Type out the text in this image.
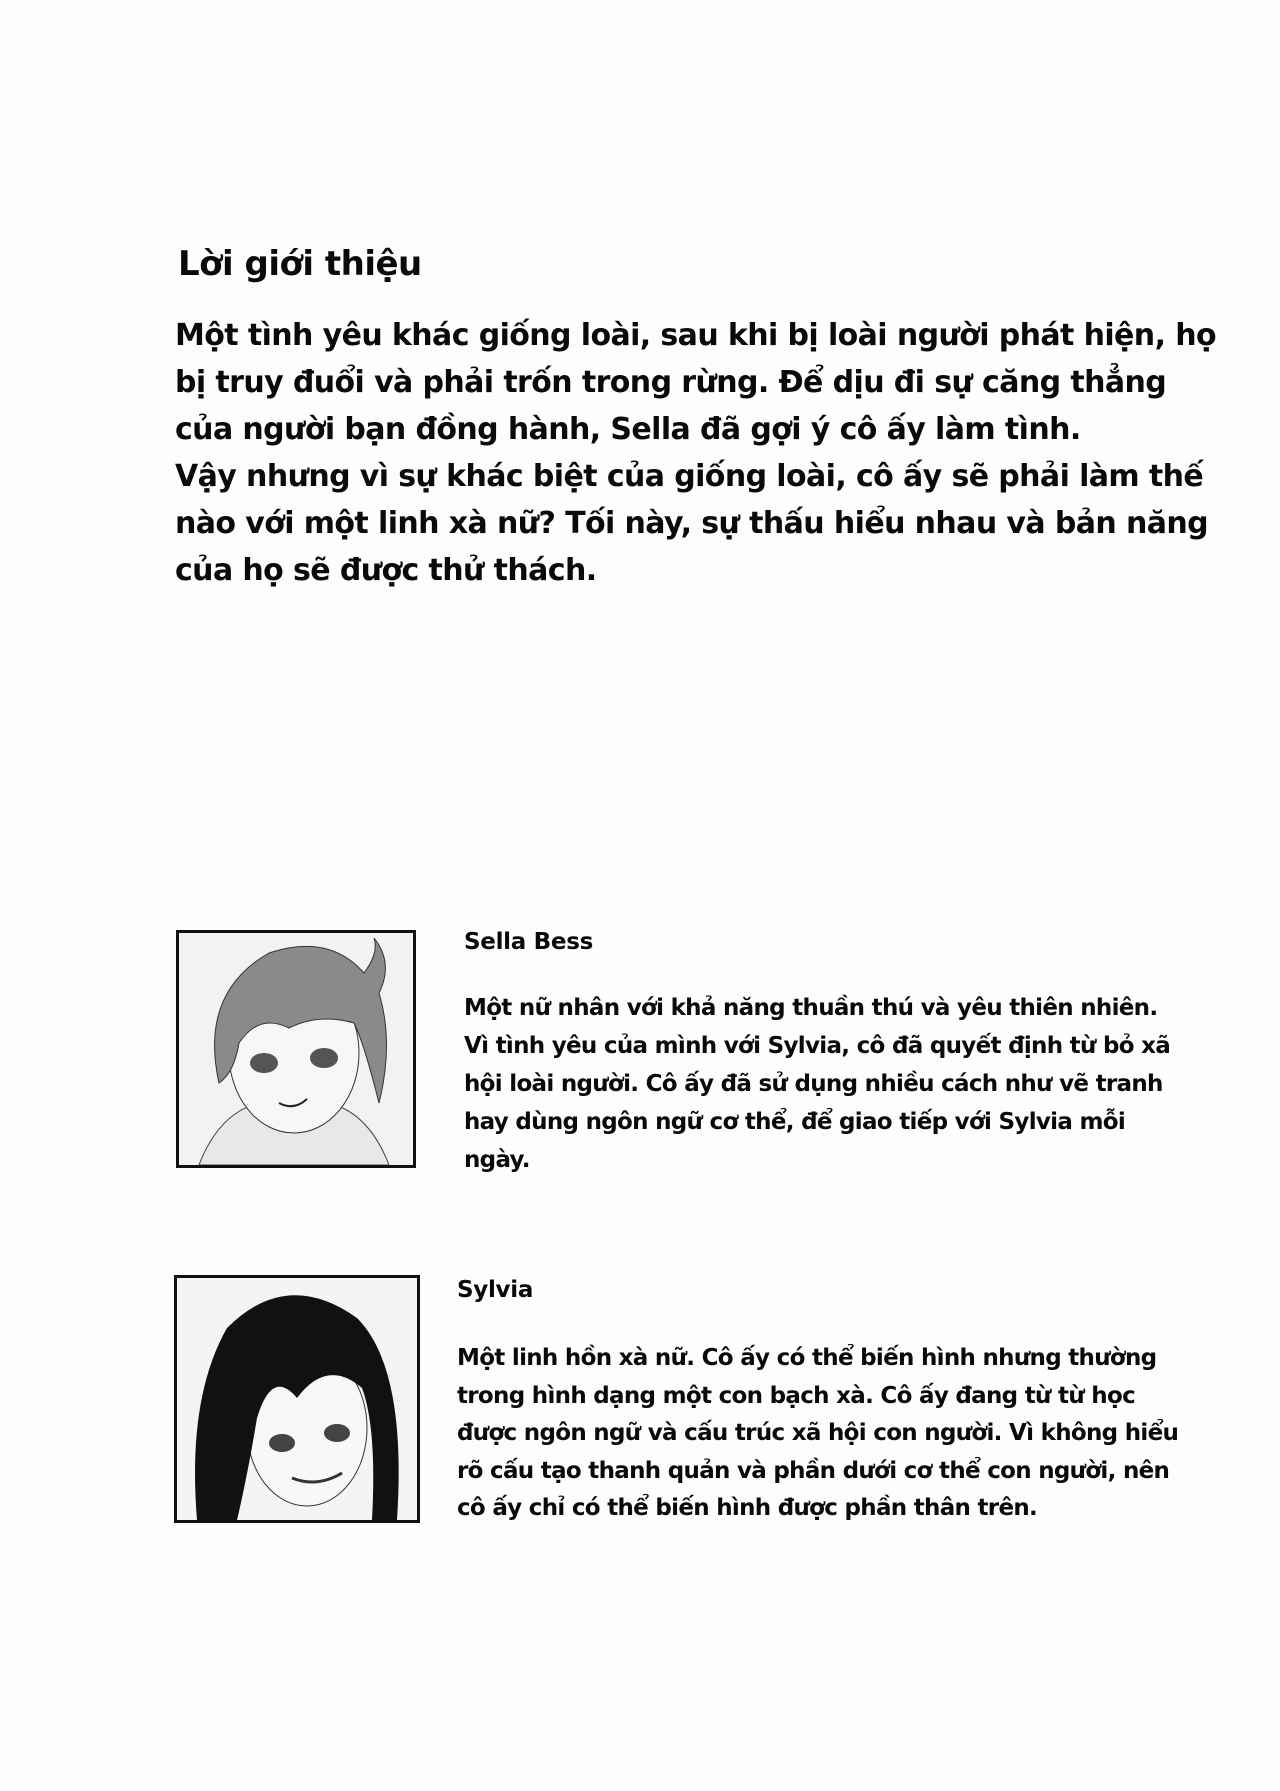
Lời giới thiệu
Một tình yêu khác giống loài, sau khi bị loài người phát hiện, họ
bị truy đuổi và phải trốn trong rừng. Để dịu đi sự căng thẳng
của người bạn đồng hành, Sella đã gợi ý cô ấy làm tình.
Vậy nhưng vì sự khác biệt của giống loài, cô ấy sẽ phải làm thế
nào với một linh xà nữ? Tối này, sự thấu hiểu nhau và bản năng
của họ sẽ được thử thách.
Sella Bess
Một nữ nhân với khả năng thuần thú và yêu thiên nhiên.
Vì tình yêu của mình với Sylvia, cô đã quyết định từ bỏ xã
hội loài người. Cô ấy đã sử dụng nhiều cách như vẽ tranh
hay dùng ngôn ngữ cơ thể, để giao tiếp với Sylvia mỗi
ngày.
Sylvia
Một linh hồn xà nữ. Cô ấy có thể biến hình nhưng thường
trong hình dạng một con bạch xà. Cô ấy đang từ từ học
được ngôn ngữ và cấu trúc xã hội con người. Vì không hiểu
rõ cấu tạo thanh quản và phần dưới cơ thể con người, nên
cô ấy chỉ có thể biến hình được phần thân trên.
